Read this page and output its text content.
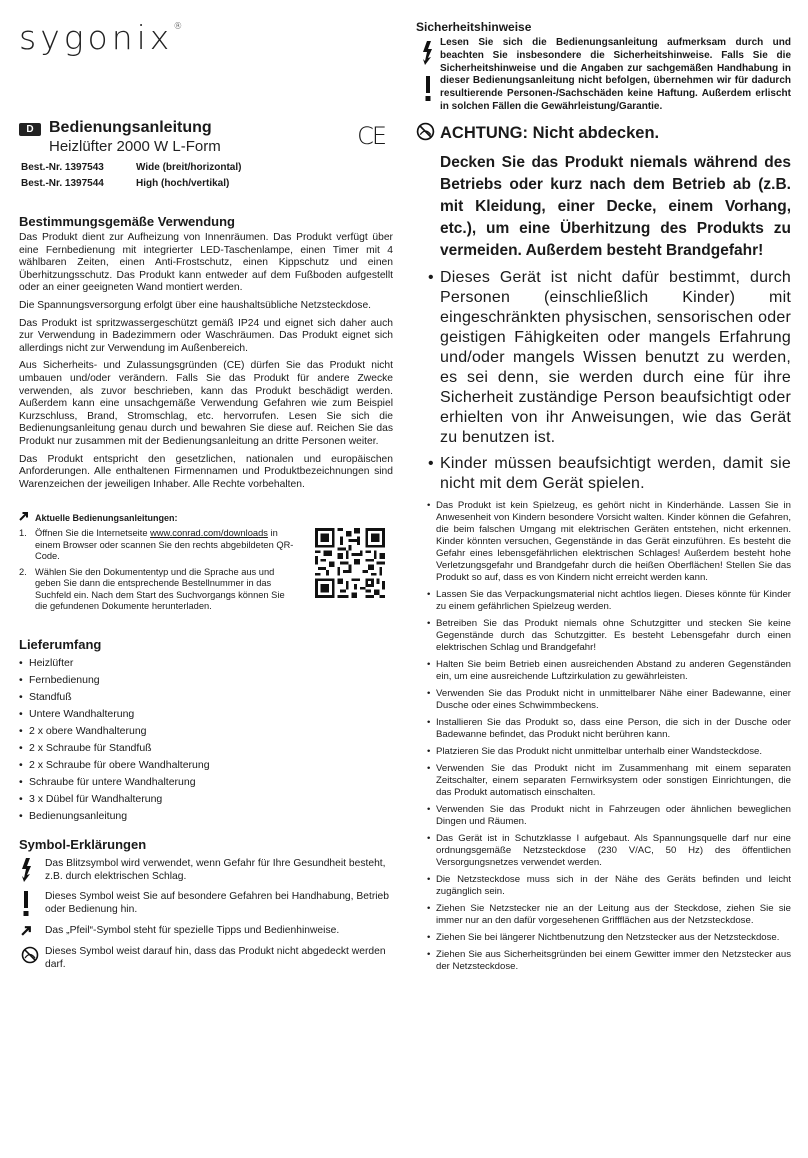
sygonix®
D Bedienungsanleitung
Heizlüfter 2000 W L-Form	CE
Best.-Nr. 1397543	Wide (breit/horizontal)
Best.-Nr. 1397544	High (hoch/vertikal)
Bestimmungsgemäße Verwendung

Das Produkt dient zur Aufheizung von Innenräumen. Das Produkt verfügt über eine Fernbedienung mit integrierter LED-Taschenlampe, einen Timer mit 4 wählbaren Zeiten, einen Anti-Frostschutz, einen Kippschutz und einen Überhitzungsschutz. Das Produkt kann entweder auf dem Fußboden aufgestellt oder an einer geeigneten Wand montiert werden.

Die Spannungsversorgung erfolgt über eine haushaltsübliche Netzsteckdose.

Das Produkt ist spritzwassergeschützt gemäß IP24 und eignet sich daher auch zur Verwendung in Badezimmern oder Waschräumen. Das Produkt eignet sich allerdings nicht zur Verwendung im Außenbereich.

Aus Sicherheits- und Zulassungsgründen (CE) dürfen Sie das Produkt nicht umbauen und/oder verändern. Falls Sie das Produkt für andere Zwecke verwenden, als zuvor beschrieben, kann das Produkt beschädigt werden. Außerdem kann eine unsachgemäße Verwendung Gefahren wie zum Beispiel Kurzschluss, Brand, Stromschlag, etc. hervorrufen. Lesen Sie sich die Bedienungsanleitung genau durch und bewahren Sie diese auf. Reichen Sie das Produkt nur zusammen mit der Bedienungsanleitung an dritte Personen weiter.

Das Produkt entspricht den gesetzlichen, nationalen und europäischen Anforderungen. Alle enthaltenen Firmennamen und Produktbezeichnungen sind Warenzeichen der jeweiligen Inhaber. Alle Rechte vorbehalten.

Aktuelle Bedienungsanleitungen:
1. Öffnen Sie die Internetseite www.conrad.com/downloads in einem Browser oder scannen Sie den rechts abgebildeten QR-Code.
2. Wählen Sie den Dokumententyp und die Sprache aus und geben Sie dann die entsprechende Bestellnummer in das Suchfeld ein. Nach dem Start des Suchvorgangs können Sie die gefundenen Dokumente herunterladen.
Lieferumfang
• Heizlüfter
• Fernbedienung
• Standfuß
• Untere Wandhalterung
• 2 x obere Wandhalterung
• 2 x Schraube für Standfuß
• 2 x Schraube für obere Wandhalterung
• Schraube für untere Wandhalterung
• 3 x Dübel für Wandhalterung
• Bedienungsanleitung
Symbol-Erklärungen

Das Blitzsymbol wird verwendet, wenn Gefahr für Ihre Gesundheit besteht, z.B. durch elektrischen Schlag.

Dieses Symbol weist Sie auf besondere Gefahren bei Handhabung, Betrieb oder Bedienung hin.

Das „Pfeil“-Symbol steht für spezielle Tipps und Bedienhinweise.

Dieses Symbol weist darauf hin, dass das Produkt nicht abgedeckt werden darf.

Sicherheitshinweise

Lesen Sie sich die Bedienungsanleitung aufmerksam durch und beachten Sie insbesondere die Sicherheitshinweise. Falls Sie die Sicherheitshinweise und die Angaben zur sachgemäßen Handhabung in dieser Bedienungsanleitung nicht befolgen, übernehmen wir für dadurch resultierende Personen-/Sachschäden keine Haftung. Außerdem erlischt in solchen Fällen die Gewährleistung/Garantie.

ACHTUNG: Nicht abdecken.
Decken Sie das Produkt niemals während des Betriebs oder kurz nach dem Betrieb ab (z.B. mit Kleidung, einer Decke, einem Vorhang, etc.), um eine Überhitzung des Produkts zu vermeiden. Außerdem besteht Brandgefahr!
• Dieses Gerät ist nicht dafür bestimmt, durch Personen (einschließlich Kinder) mit eingeschränkten physischen, sensorischen oder geistigen Fähigkeiten oder mangels Erfahrung und/oder mangels Wissen benutzt zu werden, es sei denn, sie werden durch eine für ihre Sicherheit zuständige Person beaufsichtigt oder erhielten von ihr Anweisungen, wie das Gerät zu benutzen ist.
• Kinder müssen beaufsichtigt werden, damit sie nicht mit dem Gerät spielen.
• Das Produkt ist kein Spielzeug, es gehört nicht in Kinderhände. Lassen Sie in Anwesenheit von Kindern besondere Vorsicht walten. Kinder können die Gefahren, die beim falschen Umgang mit elektrischen Geräten entstehen, nicht erkennen. Kinder könnten versuchen, Gegenstände in das Gerät einzuführen. Es besteht die Gefahr eines lebensgefährlichen elektrischen Schlages! Außerdem besteht hohe Verletzungsgefahr und Brandgefahr durch die heißen Oberflächen! Stellen Sie das Produkt so auf, dass es von Kindern nicht erreicht werden kann.
• Lassen Sie das Verpackungsmaterial nicht achtlos liegen. Dieses könnte für Kinder zu einem gefährlichen Spielzeug werden.
• Betreiben Sie das Produkt niemals ohne Schutzgitter und stecken Sie keine Gegenstände durch das Schutzgitter. Es besteht Lebensgefahr durch einen elektrischen Schlag und Brandgefahr!
• Halten Sie beim Betrieb einen ausreichenden Abstand zu anderen Gegenständen ein, um eine ausreichende Luftzirkulation zu gewährleisten.
• Verwenden Sie das Produkt nicht in unmittelbarer Nähe einer Badewanne, einer Dusche oder eines Schwimmbeckens.
• Installieren Sie das Produkt so, dass eine Person, die sich in der Dusche oder Badewanne befindet, das Produkt nicht berühren kann.
• Platzieren Sie das Produkt nicht unmittelbar unterhalb einer Wandsteckdose.
• Verwenden Sie das Produkt nicht im Zusammenhang mit einem separaten Zeitschalter, einem separaten Fernwirksystem oder sonstigen Einrichtungen, die das Produkt automatisch einschalten.
• Verwenden Sie das Produkt nicht in Fahrzeugen oder ähnlichen beweglichen Dingen und Räumen.
• Das Gerät ist in Schutzklasse I aufgebaut. Als Spannungsquelle darf nur eine ordnungsgemäße Netzsteckdose (230 V/AC, 50 Hz) des öffentlichen Versorgungsnetzes verwendet werden.
• Die Netzsteckdose muss sich in der Nähe des Geräts befinden und leicht zugänglich sein.
• Ziehen Sie Netzstecker nie an der Leitung aus der Steckdose, ziehen Sie sie immer nur an den dafür vorgesehenen Griffflächen aus der Netzsteckdose.
• Ziehen Sie bei längerer Nichtbenutzung den Netzstecker aus der Netzsteckdose.
• Ziehen Sie aus Sicherheitsgründen bei einem Gewitter immer den Netzstecker aus der Netzsteckdose.
